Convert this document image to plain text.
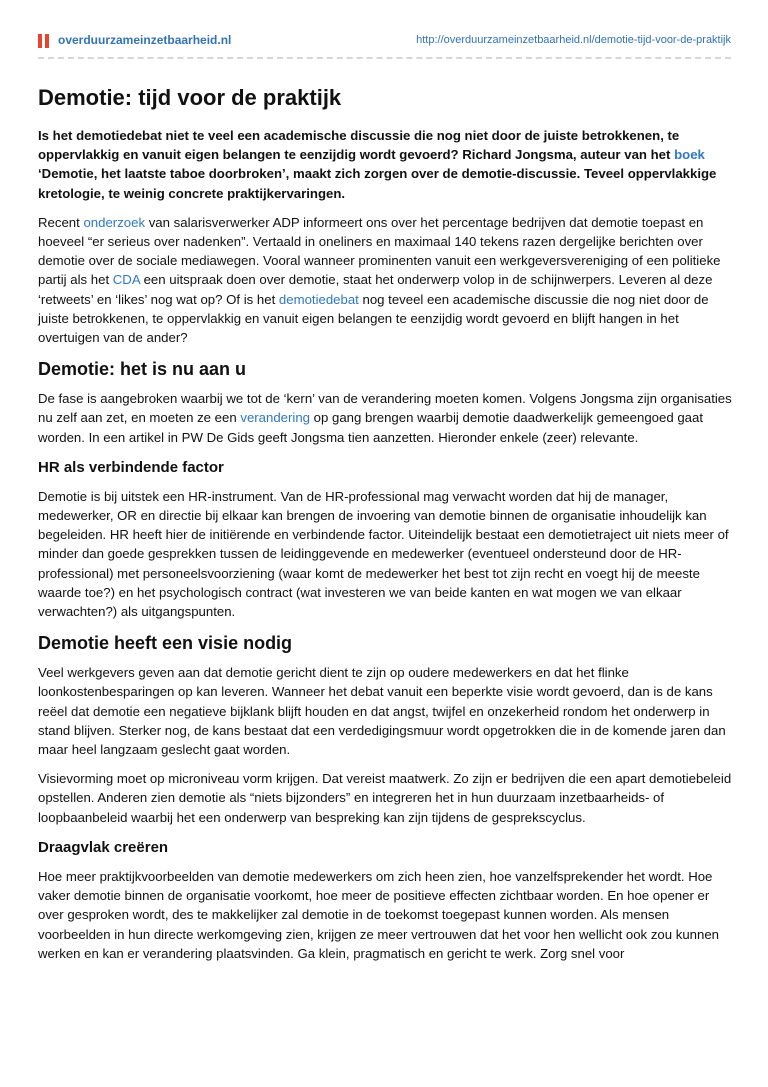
overduurzameinzetbaarheid.nl	http://overduurzameinzetbaarheid.nl/demotie-tijd-voor-de-praktijk
Demotie: tijd voor de praktijk

Is het demotiedebat niet te veel een academische discussie die nog niet door de juiste betrokkenen, te oppervlakkig en vanuit eigen belangen te eenzijdig wordt gevoerd? Richard Jongsma, auteur van het boek ‘Demotie, het laatste taboe doorbroken’, maakt zich zorgen over de demotie-discussie. Teveel oppervlakkige kretologie, te weinig concrete praktijkervaringen.

Recent onderzoek van salarisverwerker ADP informeert ons over het percentage bedrijven dat demotie toepast en hoeveel “er serieus over nadenken”. Vertaald in oneliners en maximaal 140 tekens razen dergelijke berichten over demotie over de sociale mediawegen. Vooral wanneer prominenten vanuit een werkgeversvereniging of een politieke partij als het CDA een uitspraak doen over demotie, staat het onderwerp volop in de schijnwerpers. Leveren al deze ‘retweets’ en ‘likes’ nog wat op? Of is het demotiedebat nog teveel een academische discussie die nog niet door de juiste betrokkenen, te oppervlakkig en vanuit eigen belangen te eenzijdig wordt gevoerd en blijft hangen in het overtuigen van de ander?

Demotie: het is nu aan u

De fase is aangebroken waarbij we tot de ‘kern’ van de verandering moeten komen. Volgens Jongsma zijn organisaties nu zelf aan zet, en moeten ze een verandering op gang brengen waarbij demotie daadwerkelijk gemeengoed gaat worden. In een artikel in PW De Gids geeft Jongsma tien aanzetten. Hieronder enkele (zeer) relevante.

HR als verbindende factor

Demotie is bij uitstek een HR-instrument. Van de HR-professional mag verwacht worden dat hij de manager, medewerker, OR en directie bij elkaar kan brengen de invoering van demotie binnen de organisatie inhoudelijk kan begeleiden. HR heeft hier de initiërende en verbindende factor. Uiteindelijk bestaat een demotietraject uit niets meer of minder dan goede gesprekken tussen de leidinggevende en medewerker (eventueel ondersteund door de HR-professional) met personeelsvoorziening (waar komt de medewerker het best tot zijn recht en voegt hij de meeste waarde toe?) en het psychologisch contract (wat investeren we van beide kanten en wat mogen we van elkaar verwachten?) als uitgangspunten.

Demotie heeft een visie nodig

Veel werkgevers geven aan dat demotie gericht dient te zijn op oudere medewerkers en dat het flinke loonkostenbesparingen op kan leveren. Wanneer het debat vanuit een beperkte visie wordt gevoerd, dan is de kans reëel dat demotie een negatieve bijklank blijft houden en dat angst, twijfel en onzekerheid rondom het onderwerp in stand blijven. Sterker nog, de kans bestaat dat een verdedigingsmuur wordt opgetrokken die in de komende jaren dan maar heel langzaam geslecht gaat worden.

Visievorming moet op microniveau vorm krijgen. Dat vereist maatwerk. Zo zijn er bedrijven die een apart demotiebeleid opstellen. Anderen zien demotie als “niets bijzonders” en integreren het in hun duurzaam inzetbaarheids- of loopbaanbeleid waarbij het een onderwerp van bespreking kan zijn tijdens de gesprekscyclus.

Draagvlak creëren

Hoe meer praktijkvoorbeelden van demotie medewerkers om zich heen zien, hoe vanzelfsprekender het wordt. Hoe vaker demotie binnen de organisatie voorkomt, hoe meer de positieve effecten zichtbaar worden. En hoe opener er over gesproken wordt, des te makkelijker zal demotie in de toekomst toegepast kunnen worden. Als mensen voorbeelden in hun directe werkomgeving zien, krijgen ze meer vertrouwen dat het voor hen wellicht ook zou kunnen werken en kan er verandering plaatsvinden. Ga klein, pragmatisch en gericht te werk. Zorg snel voor
